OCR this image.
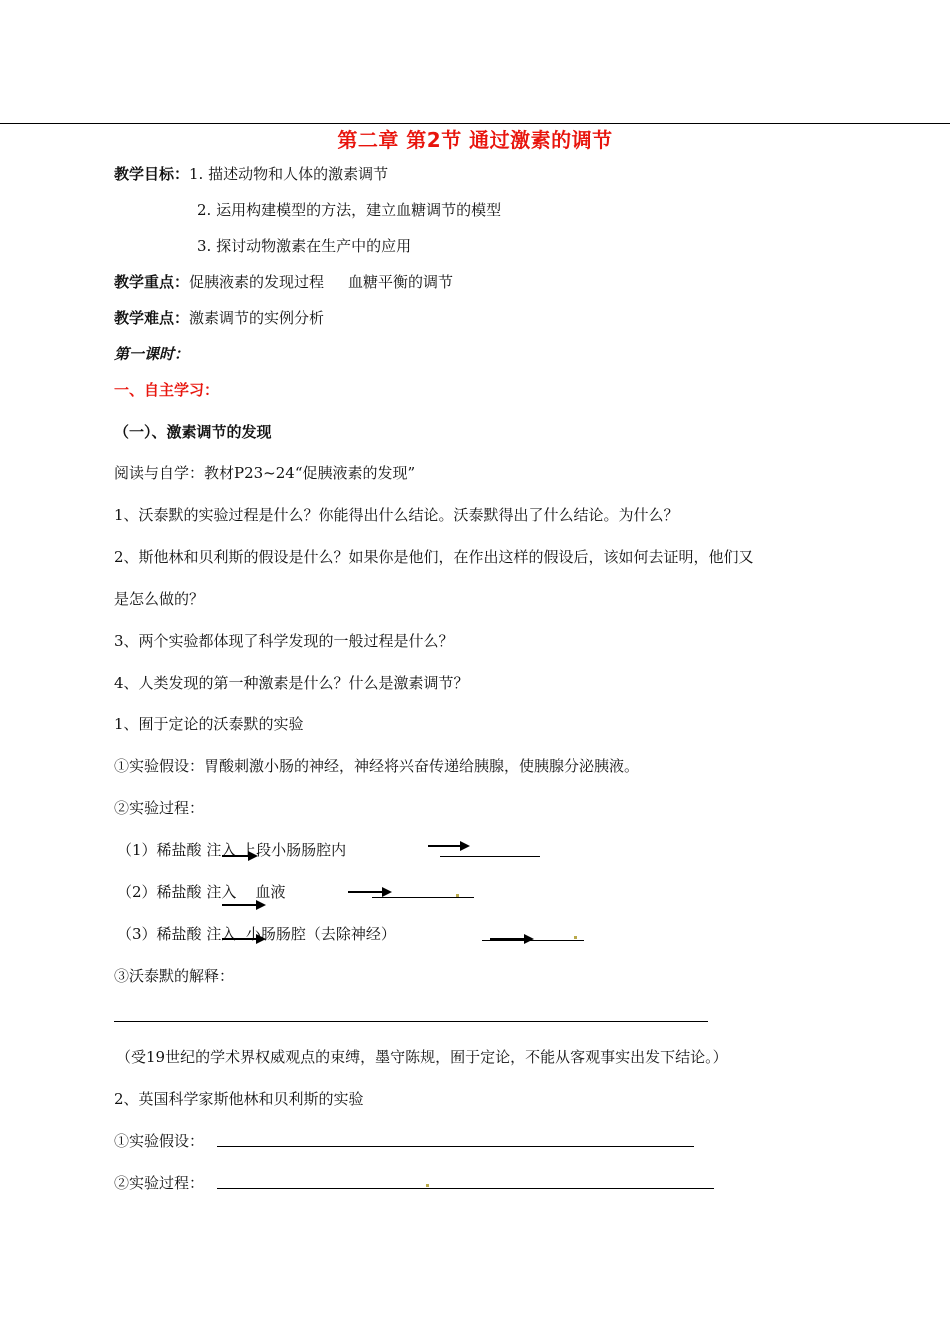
第二章 第2节 通过激素的调节
教学目标：1. 描述动物和人体的激素调节
2. 运用构建模型的方法，建立血糖调节的模型
3. 探讨动物激素在生产中的应用
教学重点：促胰液素的发现过程 血糖平衡的调节
教学难点：激素调节的实例分析
第一课时：
一、自主学习：
（一）、激素调节的发现
阅读与自学：教材P23~24“促胰液素的发现”
1、沃泰默的实验过程是什么？你能得出什么结论。沃泰默得出了什么结论。为什么？
2、斯他林和贝利斯的假设是什么？如果你是他们，在作出这样的假设后，该如何去证明，他们又
是怎么做的？
3、两个实验都体现了科学发现的一般过程是什么？
4、人类发现的第一种激素是什么？什么是激素调节？
1、囿于定论的沃泰默的实验
①实验假设：胃酸刺激小肠的神经，神经将兴奋传递给胰腺，使胰腺分泌胰液。
②实验过程：
（1）稀盐酸 注入 上段小肠肠腔内
（2）稀盐酸 注入 血液
（3）稀盐酸 注入 小肠肠腔（去除神经）
③沃泰默的解释：
（受19世纪的学术界权威观点的束缚，墨守陈规，囿于定论，不能从客观事实出发下结论。）
2、英国科学家斯他林和贝利斯的实验
①实验假设：
②实验过程：
